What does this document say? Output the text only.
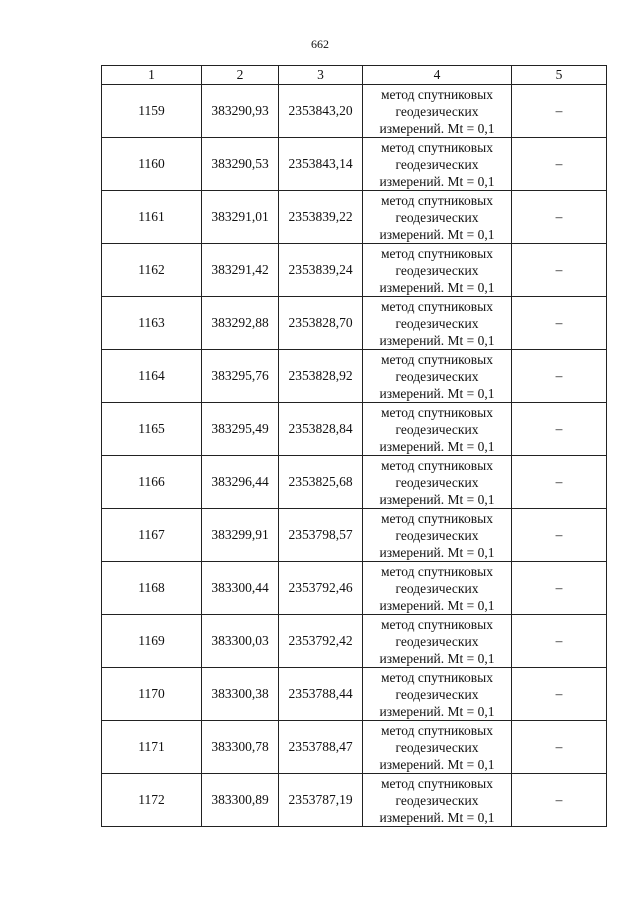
662
1	2	3	4	5
1159	383290,93	2353843,20	метод спутниковых
геодезических
измерений. Mt = 0,1	–
1160	383290,53	2353843,14	метод спутниковых
геодезических
измерений. Mt = 0,1	–
1161	383291,01	2353839,22	метод спутниковых
геодезических
измерений. Mt = 0,1	–
1162	383291,42	2353839,24	метод спутниковых
геодезических
измерений. Mt = 0,1	–
1163	383292,88	2353828,70	метод спутниковых
геодезических
измерений. Mt = 0,1	–
1164	383295,76	2353828,92	метод спутниковых
геодезических
измерений. Mt = 0,1	–
1165	383295,49	2353828,84	метод спутниковых
геодезических
измерений. Mt = 0,1	–
1166	383296,44	2353825,68	метод спутниковых
геодезических
измерений. Mt = 0,1	–
1167	383299,91	2353798,57	метод спутниковых
геодезических
измерений. Mt = 0,1	–
1168	383300,44	2353792,46	метод спутниковых
геодезических
измерений. Mt = 0,1	–
1169	383300,03	2353792,42	метод спутниковых
геодезических
измерений. Mt = 0,1	–
1170	383300,38	2353788,44	метод спутниковых
геодезических
измерений. Mt = 0,1	–
1171	383300,78	2353788,47	метод спутниковых
геодезических
измерений. Mt = 0,1	–
1172	383300,89	2353787,19	метод спутниковых
геодезических
измерений. Mt = 0,1	–
